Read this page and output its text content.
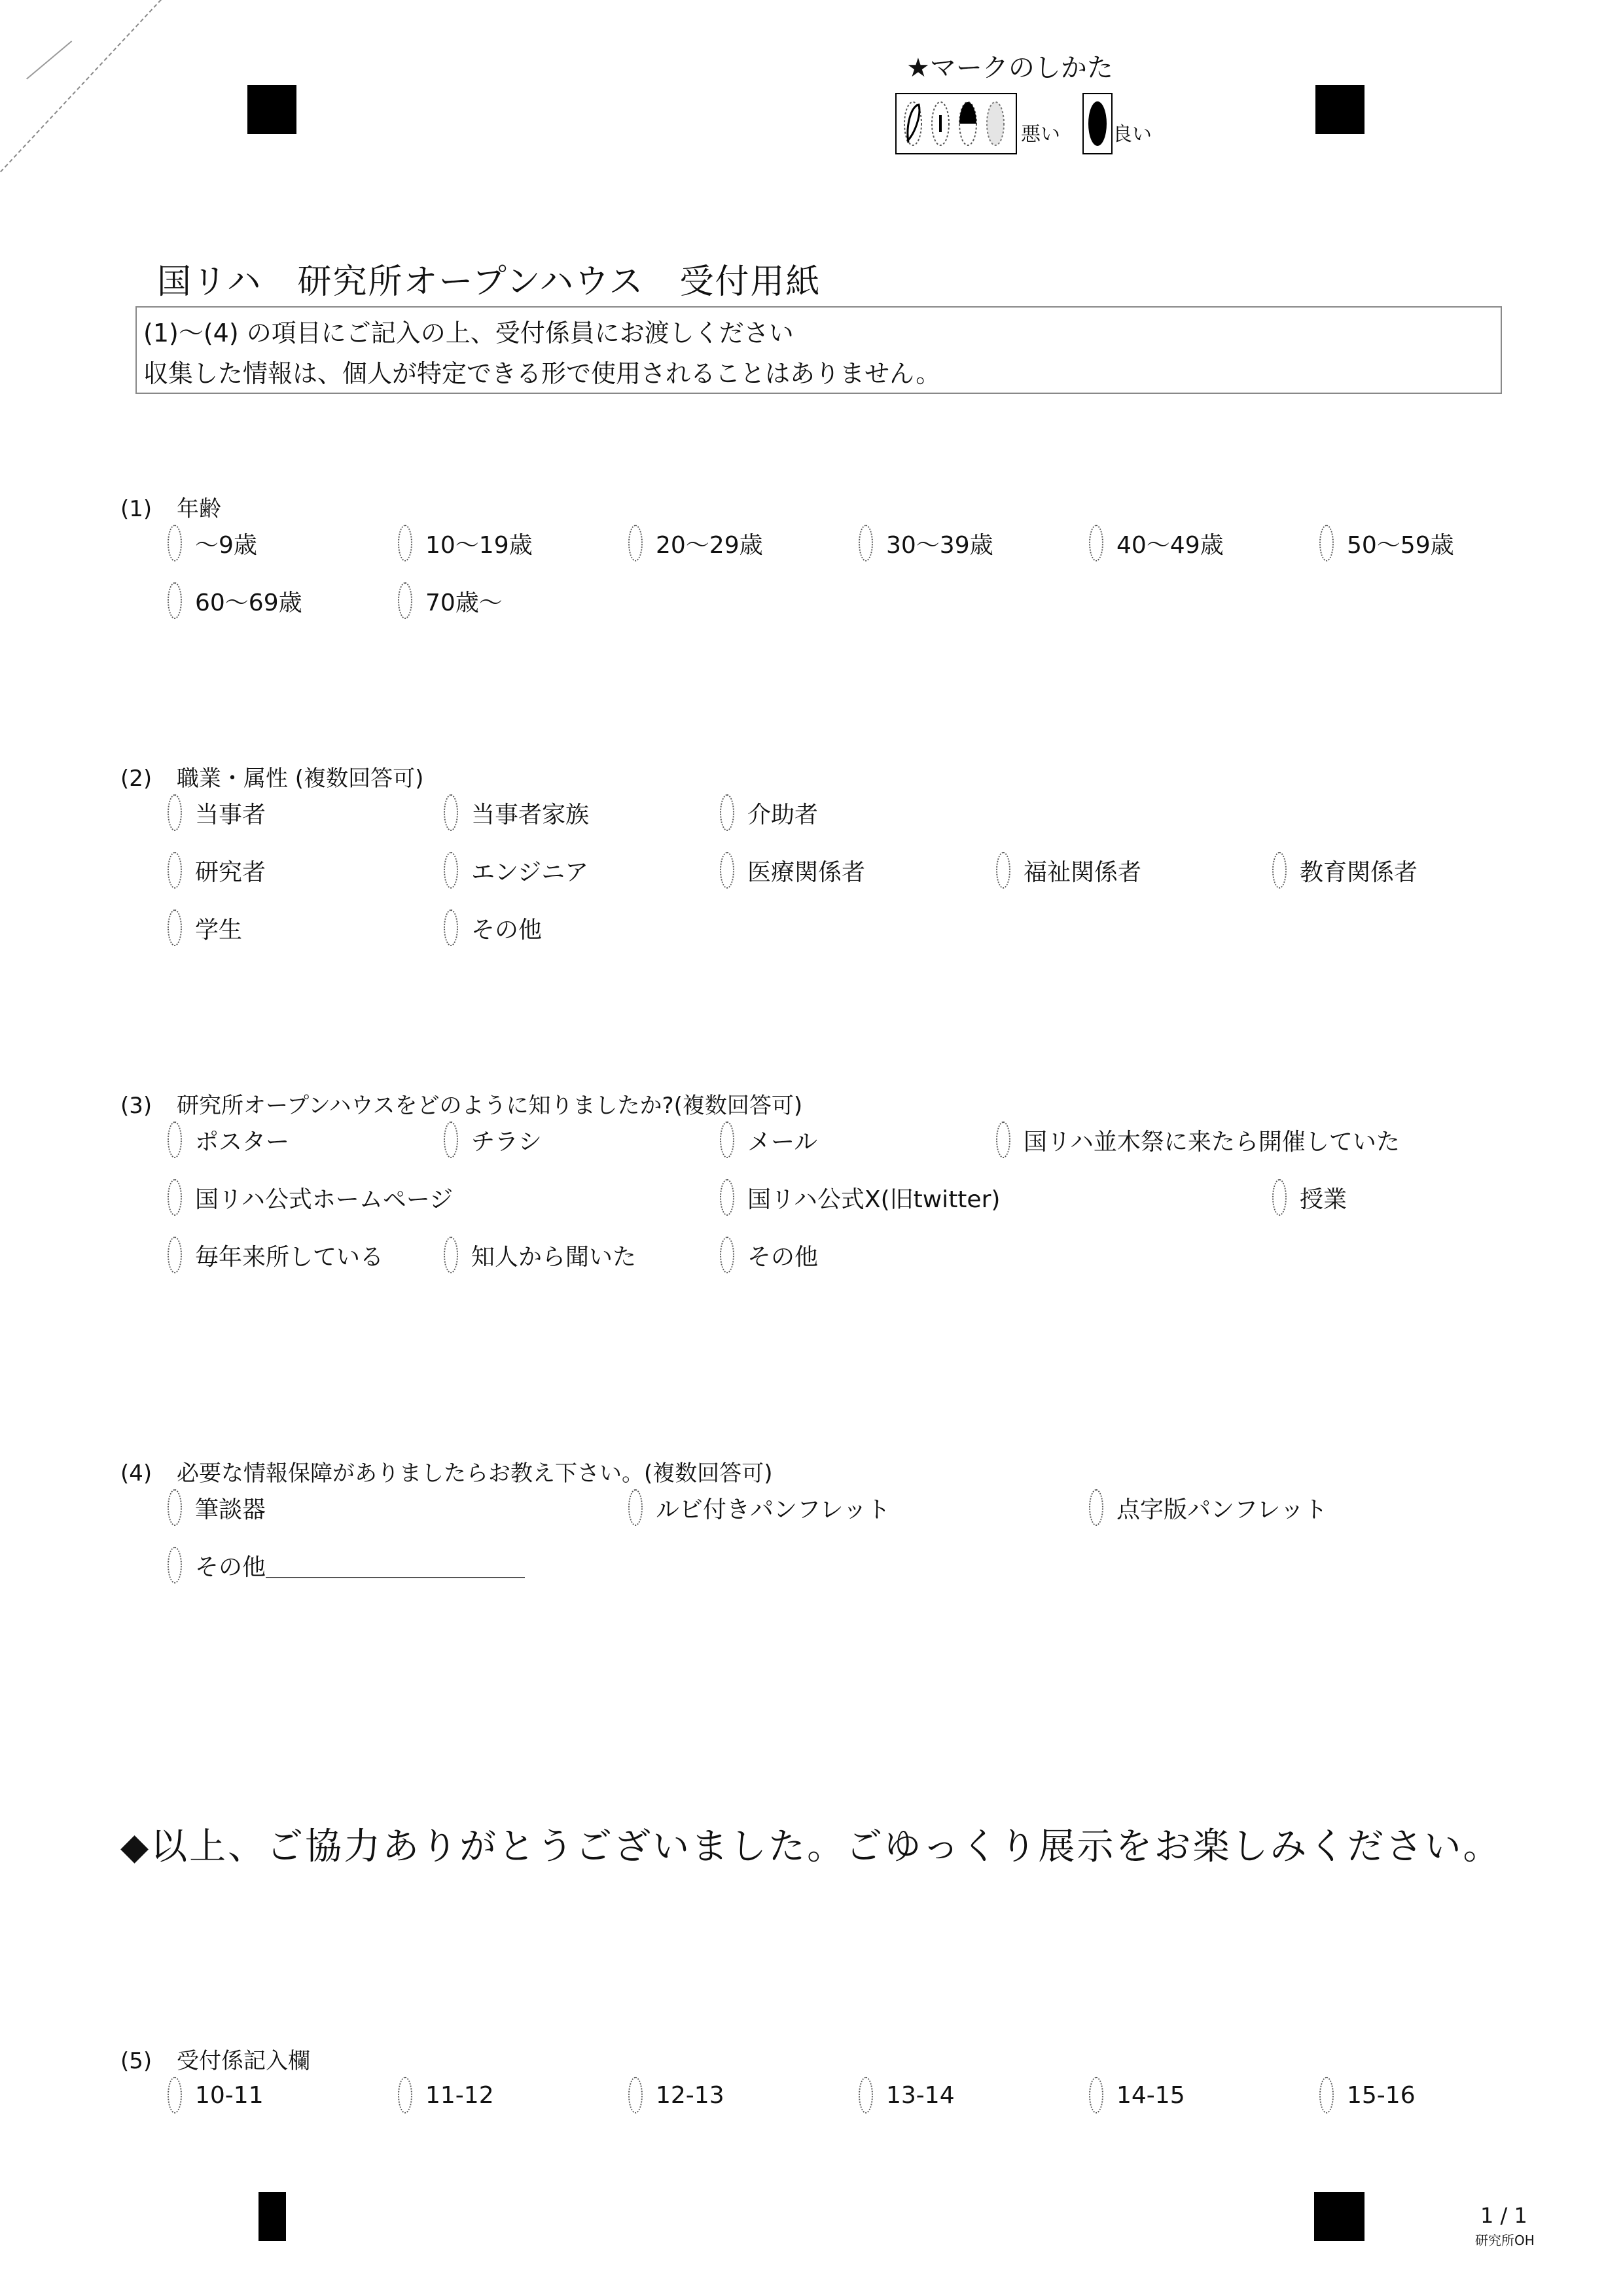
★マークのしかた
悪い	良い
国リハ　研究所オープンハウス　受付用紙
(1)〜(4) の項目にご記入の上、受付係員にお渡しください
収集した情報は、個人が特定できる形で使用されることはありません。
(1) 年齢
〜9歳	10〜19歳	20〜29歳	30〜39歳	40〜49歳	50〜59歳
60〜69歳	70歳〜
(2) 職業・属性 (複数回答可)
当事者	当事者家族	介助者
研究者	エンジニア	医療関係者	福祉関係者	教育関係者
学生	その他
(3) 研究所オープンハウスをどのように知りましたか?(複数回答可)
ポスター	チラシ	メール	国リハ並木祭に来たら開催していた
国リハ公式ホームページ	国リハ公式X(旧twitter)	授業
毎年来所している	知人から聞いた	その他
(4) 必要な情報保障がありましたらお教え下さい。(複数回答可)
筆談器	ルビ付きパンフレット	点字版パンフレット
その他＿＿＿＿＿＿＿＿＿＿＿
◆以上、ご協力ありがとうございました。ごゆっくり展示をお楽しみください。
(5) 受付係記入欄
10-11	11-12	12-13	13-14	14-15	15-16
1 / 1
研究所OH
